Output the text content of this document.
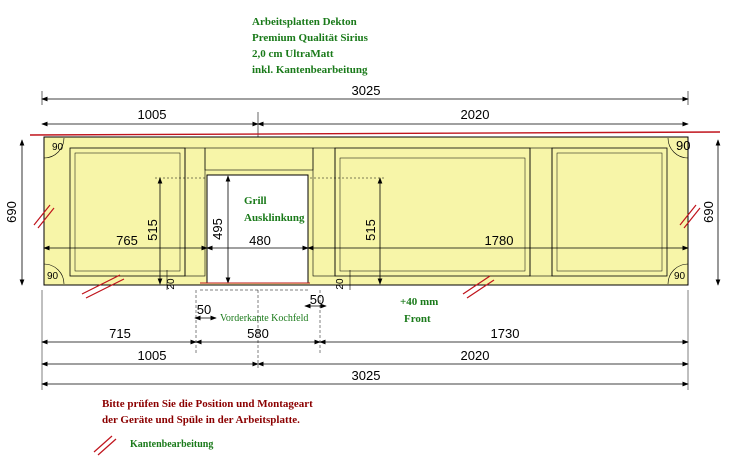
Arbeitsplatten Dekton
Premium Qualität Sirius
2,0 cm UltraMatt
inkl. Kantenbearbeitung
3025
1005	2020
90	90
90	90
690	690
515	495	515
765	480	1780
Grill
Ausklinkung
20	20
50
50
Vorderkante Kochfeld
+40 mm
Front
715	580	1730
1005	2020
3025
Bitte prüfen Sie die Position und Montageart
der Geräte und Spüle in der Arbeitsplatte.
Kantenbearbeitung
